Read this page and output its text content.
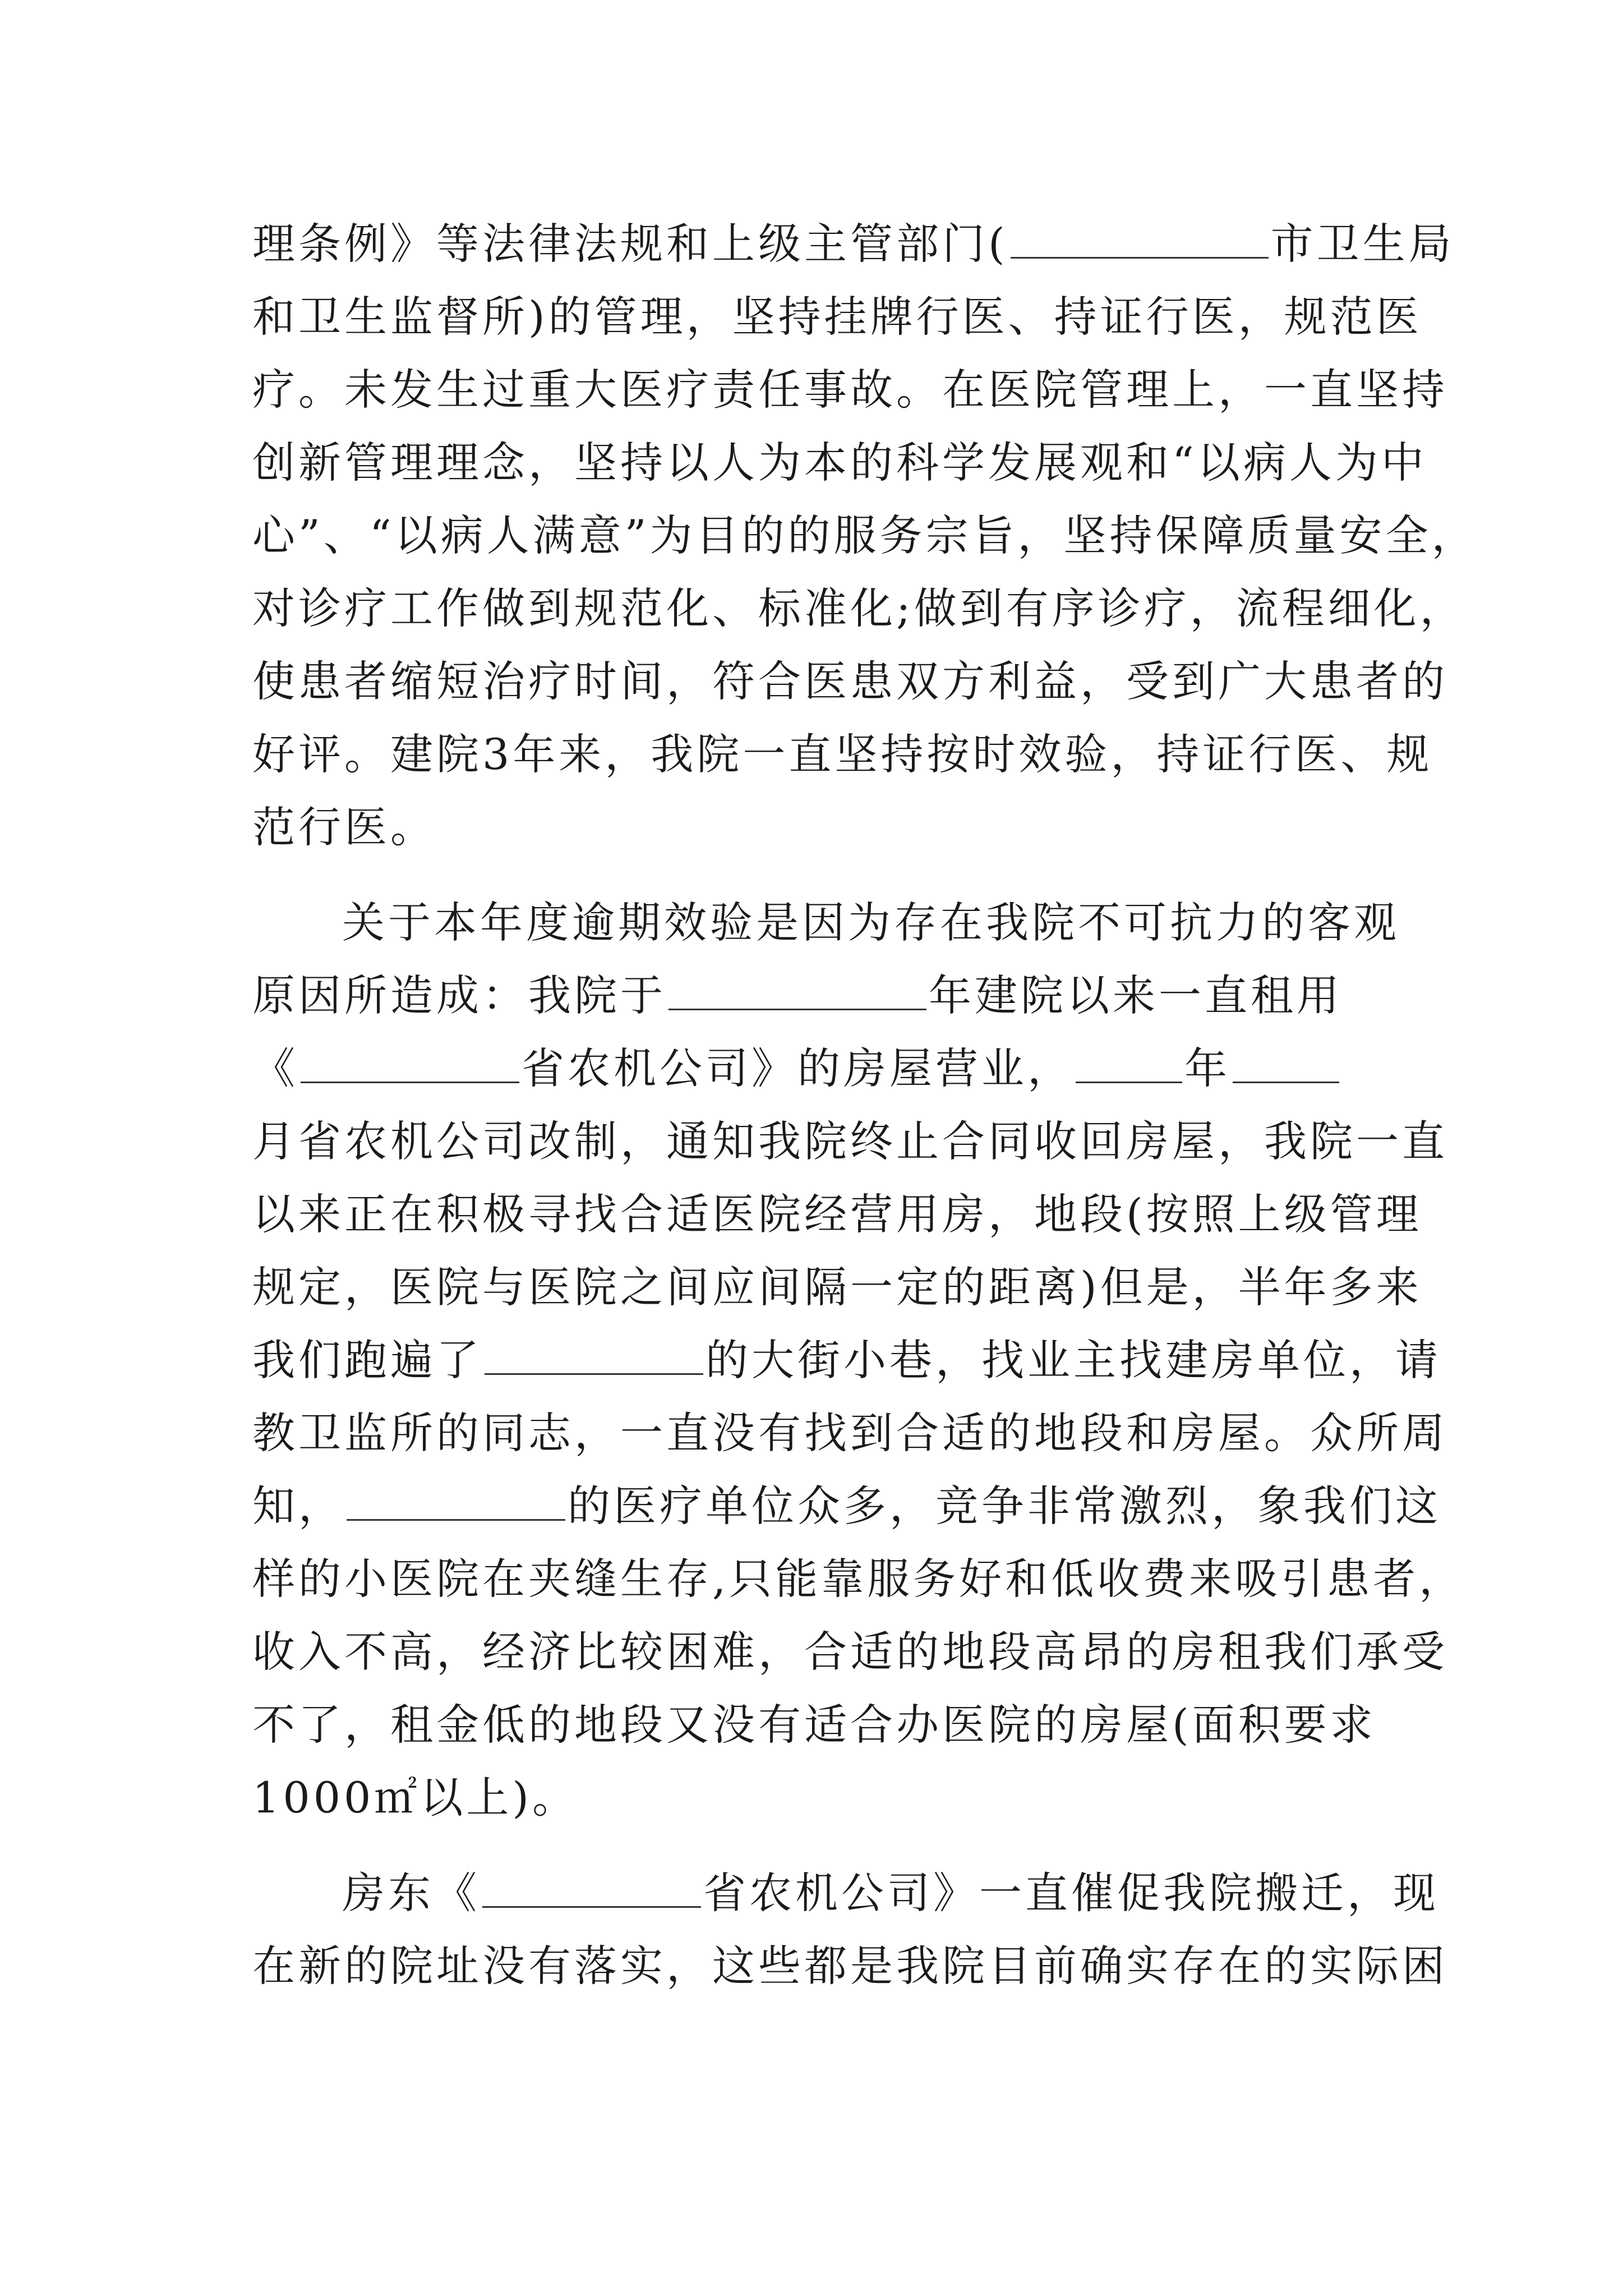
理条例》等法律法规和上级主管部门(	市卫生局
和卫生监督所)的管理，坚持挂牌行医、持证行医，规范医
疗。未发生过重大医疗责任事故。在医院管理上，一直坚持
创新管理理念，坚持以人为本的科学发展观和“以病人为中
心”、“以病人满意”为目的的服务宗旨，坚持保障质量安全，
对诊疗工作做到规范化、标准化;做到有序诊疗，流程细化，
使患者缩短治疗时间，符合医患双方利益，受到广大患者的
好评。建院3年来，我院一直坚持按时效验，持证行医、规
范行医。
关于本年度逾期效验是因为存在我院不可抗力的客观
原因所造成：我院于	年建院以来一直租用
《	省农机公司》的房屋营业，	年
月省农机公司改制，通知我院终止合同收回房屋，我院一直
以来正在积极寻找合适医院经营用房，地段(按照上级管理
规定，医院与医院之间应间隔一定的距离)但是，半年多来
我们跑遍了	的大街小巷，找业主找建房单位，请
教卫监所的同志，一直没有找到合适的地段和房屋。众所周
知，	的医疗单位众多，竞争非常激烈，象我们这
样的小医院在夹缝生存,只能靠服务好和低收费来吸引患者，
收入不高，经济比较困难，合适的地段高昂的房租我们承受
不了，租金低的地段又没有适合办医院的房屋(面积要求
1000㎡以上)。
房东《	省农机公司》一直催促我院搬迁，现
在新的院址没有落实，这些都是我院目前确实存在的实际困
